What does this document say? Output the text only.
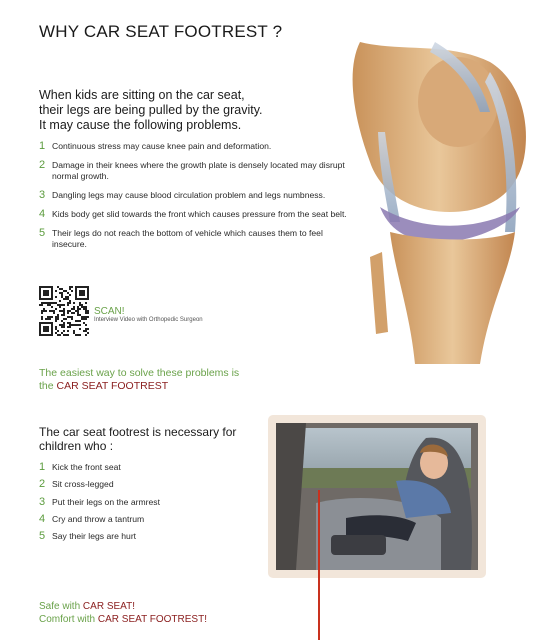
WHY CAR SEAT FOOTREST ?
When kids are sitting on the car seat,
their legs are being pulled by the gravity.
It may cause the following problems.
1 Continuous stress may cause knee pain and deformation.
2 Damage in their knees where the growth plate is densely located may disrupt normal growth.
3 Dangling legs may cause blood circulation problem and legs numbness.
4 Kids body get slid towards the front which causes pressure from the seat belt.
5 Their legs do not reach the bottom of vehicle which causes them to feel insecure.
SCAN!
Interview Video with Orthopedic Surgeon
The easiest way to solve these problems is
the CAR SEAT FOOTREST
The car seat footrest is necessary for
children who :
1 Kick the front seat
2 Sit cross-legged
3 Put their legs on the armrest
4 Cry and throw a tantrum
5 Say their legs are hurt
Safe with CAR SEAT!
Comfort with CAR SEAT FOOTREST!
